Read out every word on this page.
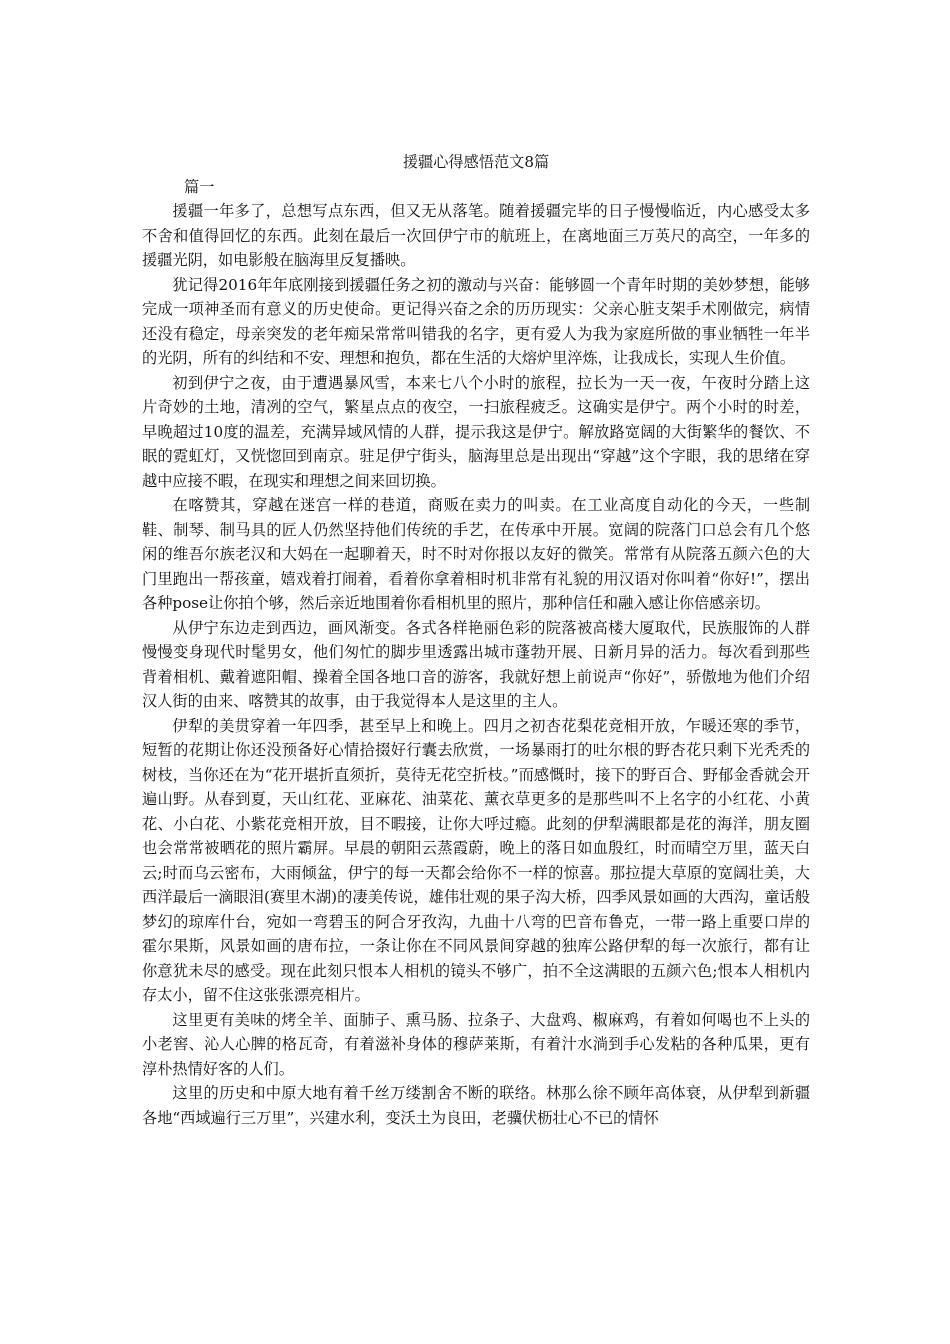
援疆心得感悟范文8篇

篇一

援疆一年多了，总想写点东西，但又无从落笔。随着援疆完毕的日子慢慢临近，内心感受太多不舍和值得回忆的东西。此刻在最后一次回伊宁市的航班上，在离地面三万英尺的高空，一年多的援疆光阴，如电影般在脑海里反复播映。

犹记得2016年年底刚接到援疆任务之初的激动与兴奋：能够圆一个青年时期的美妙梦想，能够完成一项神圣而有意义的历史使命。更记得兴奋之余的历历现实：父亲心脏支架手术刚做完，病情还没有稳定，母亲突发的老年痴呆常常叫错我的名字，更有爱人为我为家庭所做的事业牺牲一年半的光阴，所有的纠结和不安、理想和抱负，都在生活的大熔炉里淬炼，让我成长，实现人生价值。

初到伊宁之夜，由于遭遇暴风雪，本来七八个小时的旅程，拉长为一天一夜，午夜时分踏上这片奇妙的土地，清冽的空气，繁星点点的夜空，一扫旅程疲乏。这确实是伊宁。两个小时的时差，早晚超过10度的温差，充满异域风情的人群，提示我这是伊宁。解放路宽阔的大街繁华的餐饮、不眠的霓虹灯，又恍惚回到南京。驻足伊宁街头，脑海里总是出现出“穿越”这个字眼，我的思绪在穿越中应接不暇，在现实和理想之间来回切换。

在喀赞其，穿越在迷宫一样的巷道，商贩在卖力的叫卖。在工业高度自动化的今天，一些制鞋、制琴、制马具的匠人仍然坚持他们传统的手艺，在传承中开展。宽阔的院落门口总会有几个悠闲的维吾尔族老汉和大妈在一起聊着天，时不时对你报以友好的微笑。常常有从院落五颜六色的大门里跑出一帮孩童，嬉戏着打闹着，看着你拿着相时机非常有礼貌的用汉语对你叫着“你好!”，摆出各种pose让你拍个够，然后亲近地围着你看相机里的照片，那种信任和融入感让你倍感亲切。

从伊宁东边走到西边，画风渐变。各式各样艳丽色彩的院落被高楼大厦取代，民族服饰的人群慢慢变身现代时髦男女，他们匆忙的脚步里透露出城市蓬勃开展、日新月异的活力。每次看到那些背着相机、戴着遮阳帽、操着全国各地口音的游客，我就好想上前说声“你好”，骄傲地为他们介绍汉人街的由来、喀赞其的故事，由于我觉得本人是这里的主人。

伊犁的美贯穿着一年四季，甚至早上和晚上。四月之初杏花梨花竞相开放，乍暖还寒的季节，短暂的花期让你还没预备好心情拾掇好行囊去欣赏，一场暴雨打的吐尔根的野杏花只剩下光秃秃的树枝，当你还在为“花开堪折直须折，莫待无花空折枝。”而感慨时，接下的野百合、野郁金香就会开遍山野。从春到夏，天山红花、亚麻花、油菜花、薰衣草更多的是那些叫不上名字的小红花、小黄花、小白花、小紫花竞相开放，目不暇接，让你大呼过瘾。此刻的伊犁满眼都是花的海洋，朋友圈也会常常被晒花的照片霸屏。早晨的朝阳云蒸霞蔚，晚上的落日如血殷红，时而晴空万里，蓝天白云;时而乌云密布，大雨倾盆，伊宁的每一天都会给你不一样的惊喜。那拉提大草原的宽阔壮美，大西洋最后一滴眼泪(赛里木湖)的凄美传说，雄伟壮观的果子沟大桥，四季风景如画的大西沟，童话般梦幻的琼库什台，宛如一弯碧玉的阿合牙孜沟，九曲十八弯的巴音布鲁克，一带一路上重要口岸的霍尔果斯，风景如画的唐布拉，一条让你在不同风景间穿越的独库公路伊犁的每一次旅行，都有让你意犹未尽的感受。现在此刻只恨本人相机的镜头不够广，拍不全这满眼的五颜六色;恨本人相机内存太小，留不住这张张漂亮相片。

这里更有美味的烤全羊、面肺子、熏马肠、拉条子、大盘鸡、椒麻鸡，有着如何喝也不上头的小老窖、沁人心脾的格瓦奇，有着滋补身体的穆萨莱斯，有着汁水淌到手心发粘的各种瓜果，更有淳朴热情好客的人们。

这里的历史和中原大地有着千丝万缕割舍不断的联络。林那么徐不顾年高体衰，从伊犁到新疆各地“西域遍行三万里”，兴建水利，变沃土为良田，老骥伏枥壮心不已的情怀
